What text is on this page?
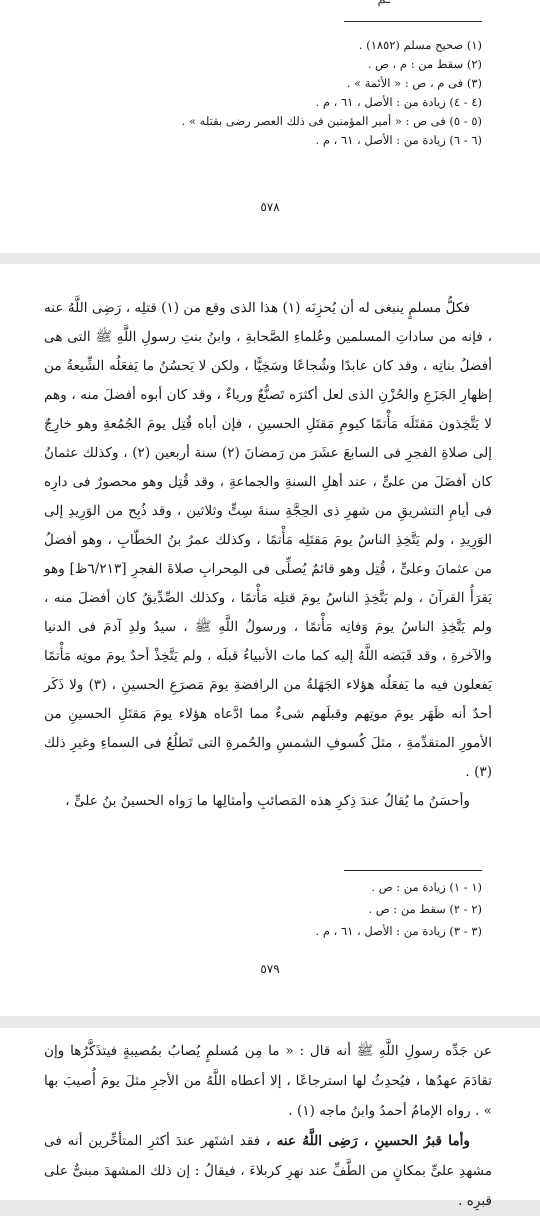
(١) صحيح مسلم (١٨٥٢) .
(٢) سقط من : م ، ص .
(٣) فى م ، ص : « الأئمة » .
(٤ - ٤) زيادة من : الأصل ، ٦١ ، م .
(٥ - ٥) فى ص : « أمير المؤمنين فى ذلك العصر رضى بقتله » .
(٦ - ٦) زيادة من : الأصل ، ٦١ ، م .
٥٧٨

فكلُّ مسلمٍ ينبغى له أن يُحزِنَه (١) هذا الذى وقع من (١) قتلِه ، رَضِى اللَّهُ عنه ، فإنه من ساداتِ المسلمين وعُلماءِ الصَّحابةِ ، وابنُ بنتِ رسولِ اللَّهِ ﷺ التى هى أفضلُ بناتِه ، وقد كان عابدًا وشُجاعًا وسَخِيًّا ، ولكن لا يَحسُنُ ما يَفعَلُه الشِّيعةُ من إظهارِ الجَزَعِ والحُزْنِ الذى لعل أكثرَه تَصنُّعٌ ورياءٌ ، وقد كان أبوه أفضلَ منه ، وهم لا يَتَّخِذون مَقتَلَه مَأْتمًا كيومِ مَقتَلِ الحسينِ ، فإن أباه قُتِل يومَ الجُمُعةِ وهو خارِجٌ إلى صلاةِ الفجرِ فى السابعَ عشَرَ من رَمضانَ (٢) سنة أربعين (٢) ، وكذلك عثمانُ كان أفضَلَ من علىٍّ ، عند أهلِ السنةِ والجماعةِ ، وقد قُتِل وهو محصورٌ فى دارِه فى أيامِ التشريقِ من شهرِ ذى الحِجَّةِ سنةَ سِتٍّ وثلاثين ، وقد ذُبِح من الوَرِيدِ إلى الوَرِيدِ ، ولم يَتَّخِذِ الناسُ يومَ مَقتَلِه مَأْتمًا ، وكذلك عمرُ بنُ الخطّابِ ، وهو أفضلُ من عثمانَ وعلىٍّ ، قُتِل وهو قائمٌ يُصلِّى فى المِحرابِ صلاةَ الفجرِ [٦/٢١٣ظ] وهو يَقرَأُ القرآنَ ، ولم يَتَّخِذِ الناسُ يومَ قتلِه مَأْتمًا ، وكذلك الصِّدِّيقُ كان أفضلَ منه ، ولم يَتَّخِذِ الناسُ يومَ وَفاتِه مَأْتمًا ، ورسولُ اللَّهِ ﷺ ، سيدُ ولدِ آدمَ فى الدنيا والآخرةِ ، وقد قَبَضه اللَّهُ إليه كما مات الأنبياءُ قبلَه ، ولم يَتَّخِذْ أحدٌ يومَ موتِه مَأْتمًا يَفعلون فيه ما يَفعَلُه هؤلاء الجَهَلةُ من الرافضةِ يومَ مَصرَعِ الحسينِ ، (٣) ولا ذَكَر أحدٌ أنه ظَهَر يومَ موتِهم وقبلَهم شىءٌ مما ادَّعاه هؤلاء يومَ مَقتَلِ الحسينِ من الأمورِ المتقدِّمةِ ، مثلَ كُسوفِ الشمسِ والحُمرةِ التى تَطلُعُ فى السماءِ وغيرِ ذلك (٣) .

وأحسَنُ ما يُقالُ عندَ ذِكرِ هذه المَصائبِ وأمثالِها ما رَواه الحسينُ بنُ علىٍّ ،

(١ - ١) زيادة من : ص .
(٢ - ٢) سقط من : ص .
(٣ - ٣) زيادة من : الأصل ، ٦١ ، م .
٥٧٩

عن جَدِّه رسولِ اللَّهِ ﷺ أنه قال : « ما مِن مُسلمٍ يُصابُ بمُصيبةٍ فيتذَكَّرُها وإن تقادَمَ عهدُها ، فيُحدِثُ لها استرجاعًا ، إلا أعطاه اللَّهُ من الأجرِ مثلَ يومَ أُصيبَ بها » . رواه الإمامُ أحمدُ وابنُ ماجه (١) .

وأما قبرُ الحسينِ ، رَضِى اللَّهُ عنه ، فقد اشتَهر عندَ أكثرِ المتأخِّرين أنه فى مشهدِ علىٍّ بمكانٍ من الطَّفِّ عند نهرِ كربلاءَ ، فيقالُ : إن ذلك المشهدَ مبنىٌّ على قبرِه .
